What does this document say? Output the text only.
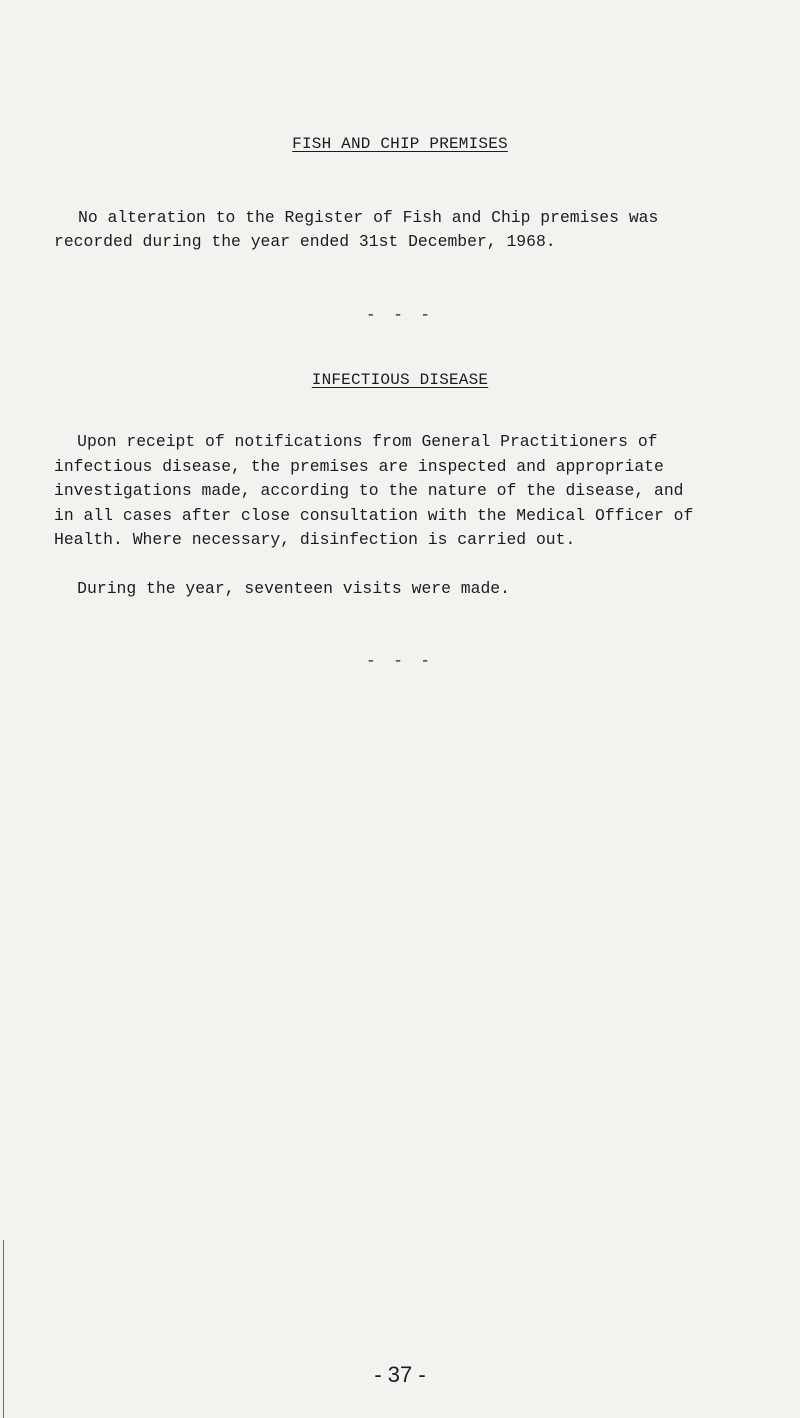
FISH AND CHIP PREMISES
No alteration to the Register of Fish and Chip premises was
recorded during the year ended 31st December, 1968.
- - -
INFECTIOUS DISEASE
Upon receipt of notifications from General Practitioners of
infectious disease, the premises are inspected and appropriate
investigations made, according to the nature of the disease, and
in all cases after close consultation with the Medical Officer of
Health. Where necessary, disinfection is carried out.
During the year, seventeen visits were made.
- - -
- 37 -
